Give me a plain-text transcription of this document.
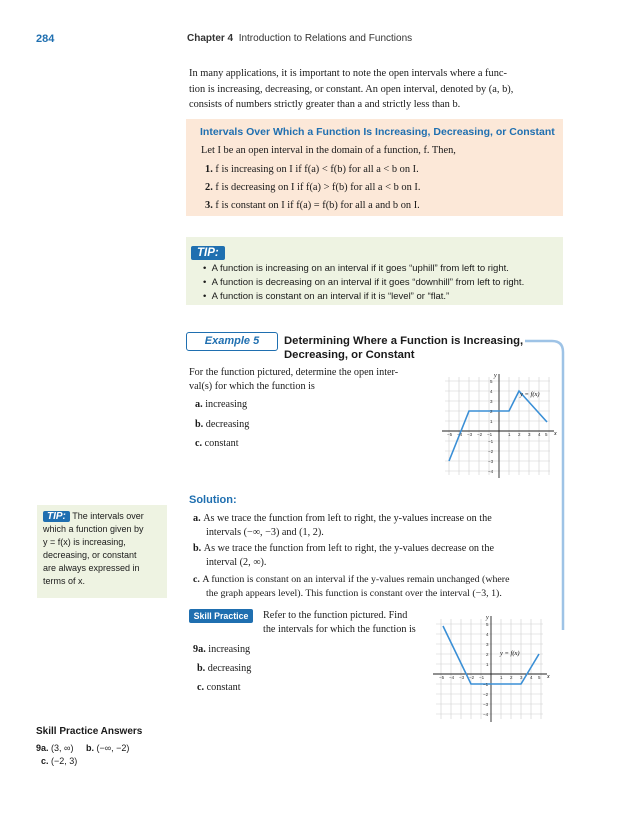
284	Chapter 4 Introduction to Relations and Functions
In many applications, it is important to note the open intervals where a func-
tion is increasing, decreasing, or constant. An open interval, denoted by (a, b),
consists of numbers strictly greater than a and strictly less than b.
Intervals Over Which a Function Is Increasing, Decreasing, or Constant
Let I be an open interval in the domain of a function, f. Then,
1. f is increasing on I if f(a) < f(b) for all a < b on I.
2. f is decreasing on I if f(a) > f(b) for all a < b on I.
3. f is constant on I if f(a) = f(b) for all a and b on I.
TIP:
•  A function is increasing on an interval if it goes “uphill” from left to right.
•  A function is decreasing on an interval if it goes “downhill” from left to right.
•  A function is constant on an interval if it is “level” or “flat.”
Example 5	Determining Where a Function is Increasing,
Decreasing, or Constant
For the function pictured, determine the open inter-
val(s) for which the function is
a. increasing
b. decreasing
c. constant
y = f(x)
x
y
−5 −4 −3 −2 −1	1 2 3 4 5
5
4
3
2
1
−1
−2
−3
−4
Solution:
a. As we trace the function from left to right, the y-values increase on the
intervals (−∞, −3) and (1, 2).
b. As we trace the function from left to right, the y-values decrease on the
interval (2, ∞).
c. A function is constant on an interval if the y-values remain unchanged (where
the graph appears level). This function is constant over the interval (−3, 1).
TIP: The intervals over
which a function given by
y = f(x) is increasing,
decreasing, or constant
are always expressed in
terms of x.
Skill Practice	Refer to the function pictured. Find
the intervals for which the function is
9a. increasing
b. decreasing
c. constant
y = f(x)
x
y
−5 −4 −3 −2 −1	1 2 3 4 5
5
4
3
2
1
−1
−2
−3
−4
Skill Practice Answers
9a. (3, ∞) b. (−∞, −2)
c. (−2, 3)
